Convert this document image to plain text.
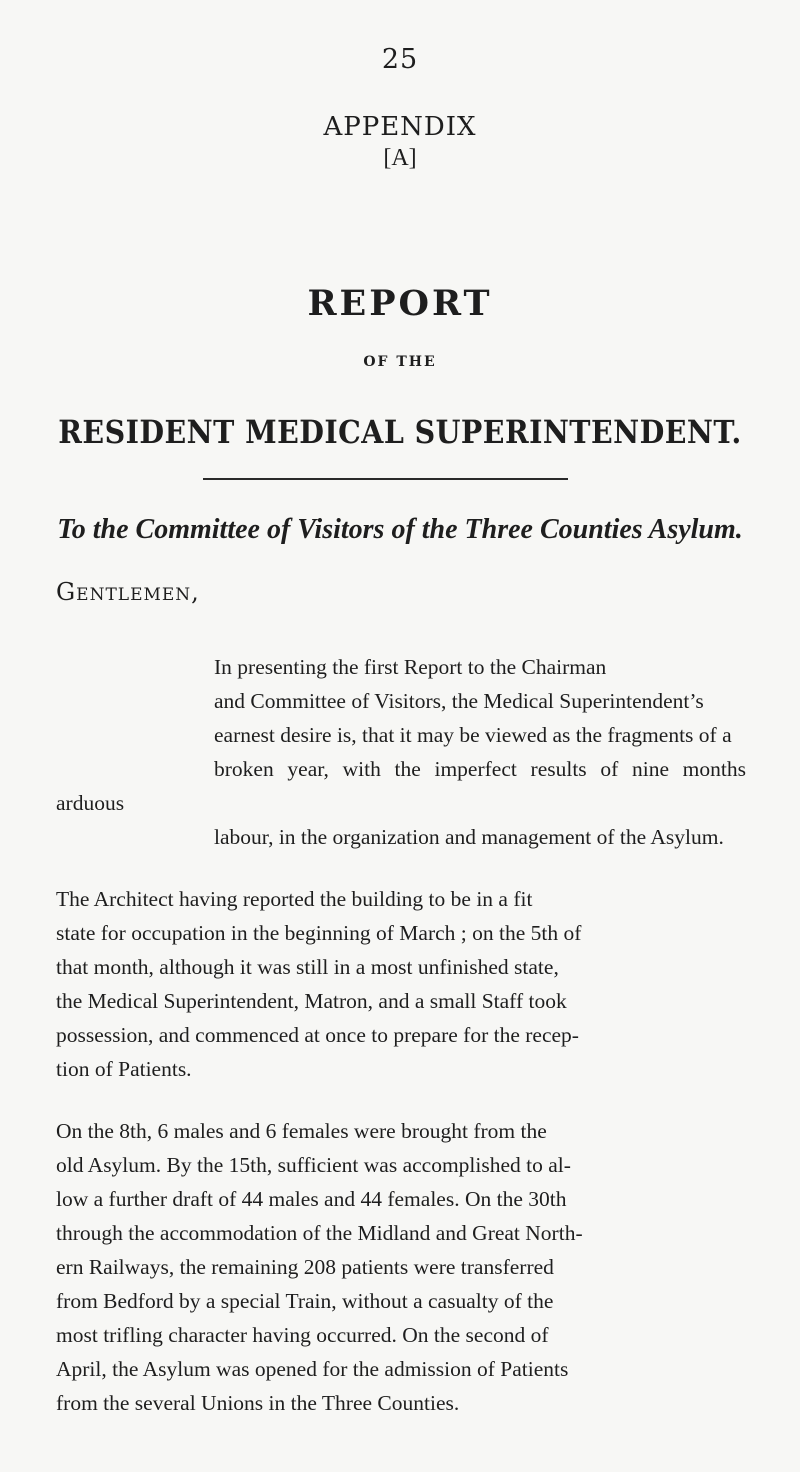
25
APPENDIX
[A]
REPORT
OF THE
RESIDENT MEDICAL SUPERINTENDENT.
To the Committee of Visitors of the Three Counties Asylum.
Gentlemen,

In presenting the first Report to the Chairman
and Committee of Visitors, the Medical Superintendent’s
earnest desire is, that it may be viewed as the fragments of a
broken year, with the imperfect results of nine months arduous
labour, in the organization and management of the Asylum.

The Architect having reported the building to be in a fit
state for occupation in the beginning of March ; on the 5th of
that month, although it was still in a most unfinished state,
the Medical Superintendent, Matron, and a small Staff took
possession, and commenced at once to prepare for the recep-
tion of Patients.

On the 8th, 6 males and 6 females were brought from the
old Asylum. By the 15th, sufficient was accomplished to al-
low a further draft of 44 males and 44 females. On the 30th
through the accommodation of the Midland and Great North-
ern Railways, the remaining 208 patients were transferred
from Bedford by a special Train, without a casualty of the
most trifling character having occurred. On the second of
April, the Asylum was opened for the admission of Patients
from the several Unions in the Three Counties.
